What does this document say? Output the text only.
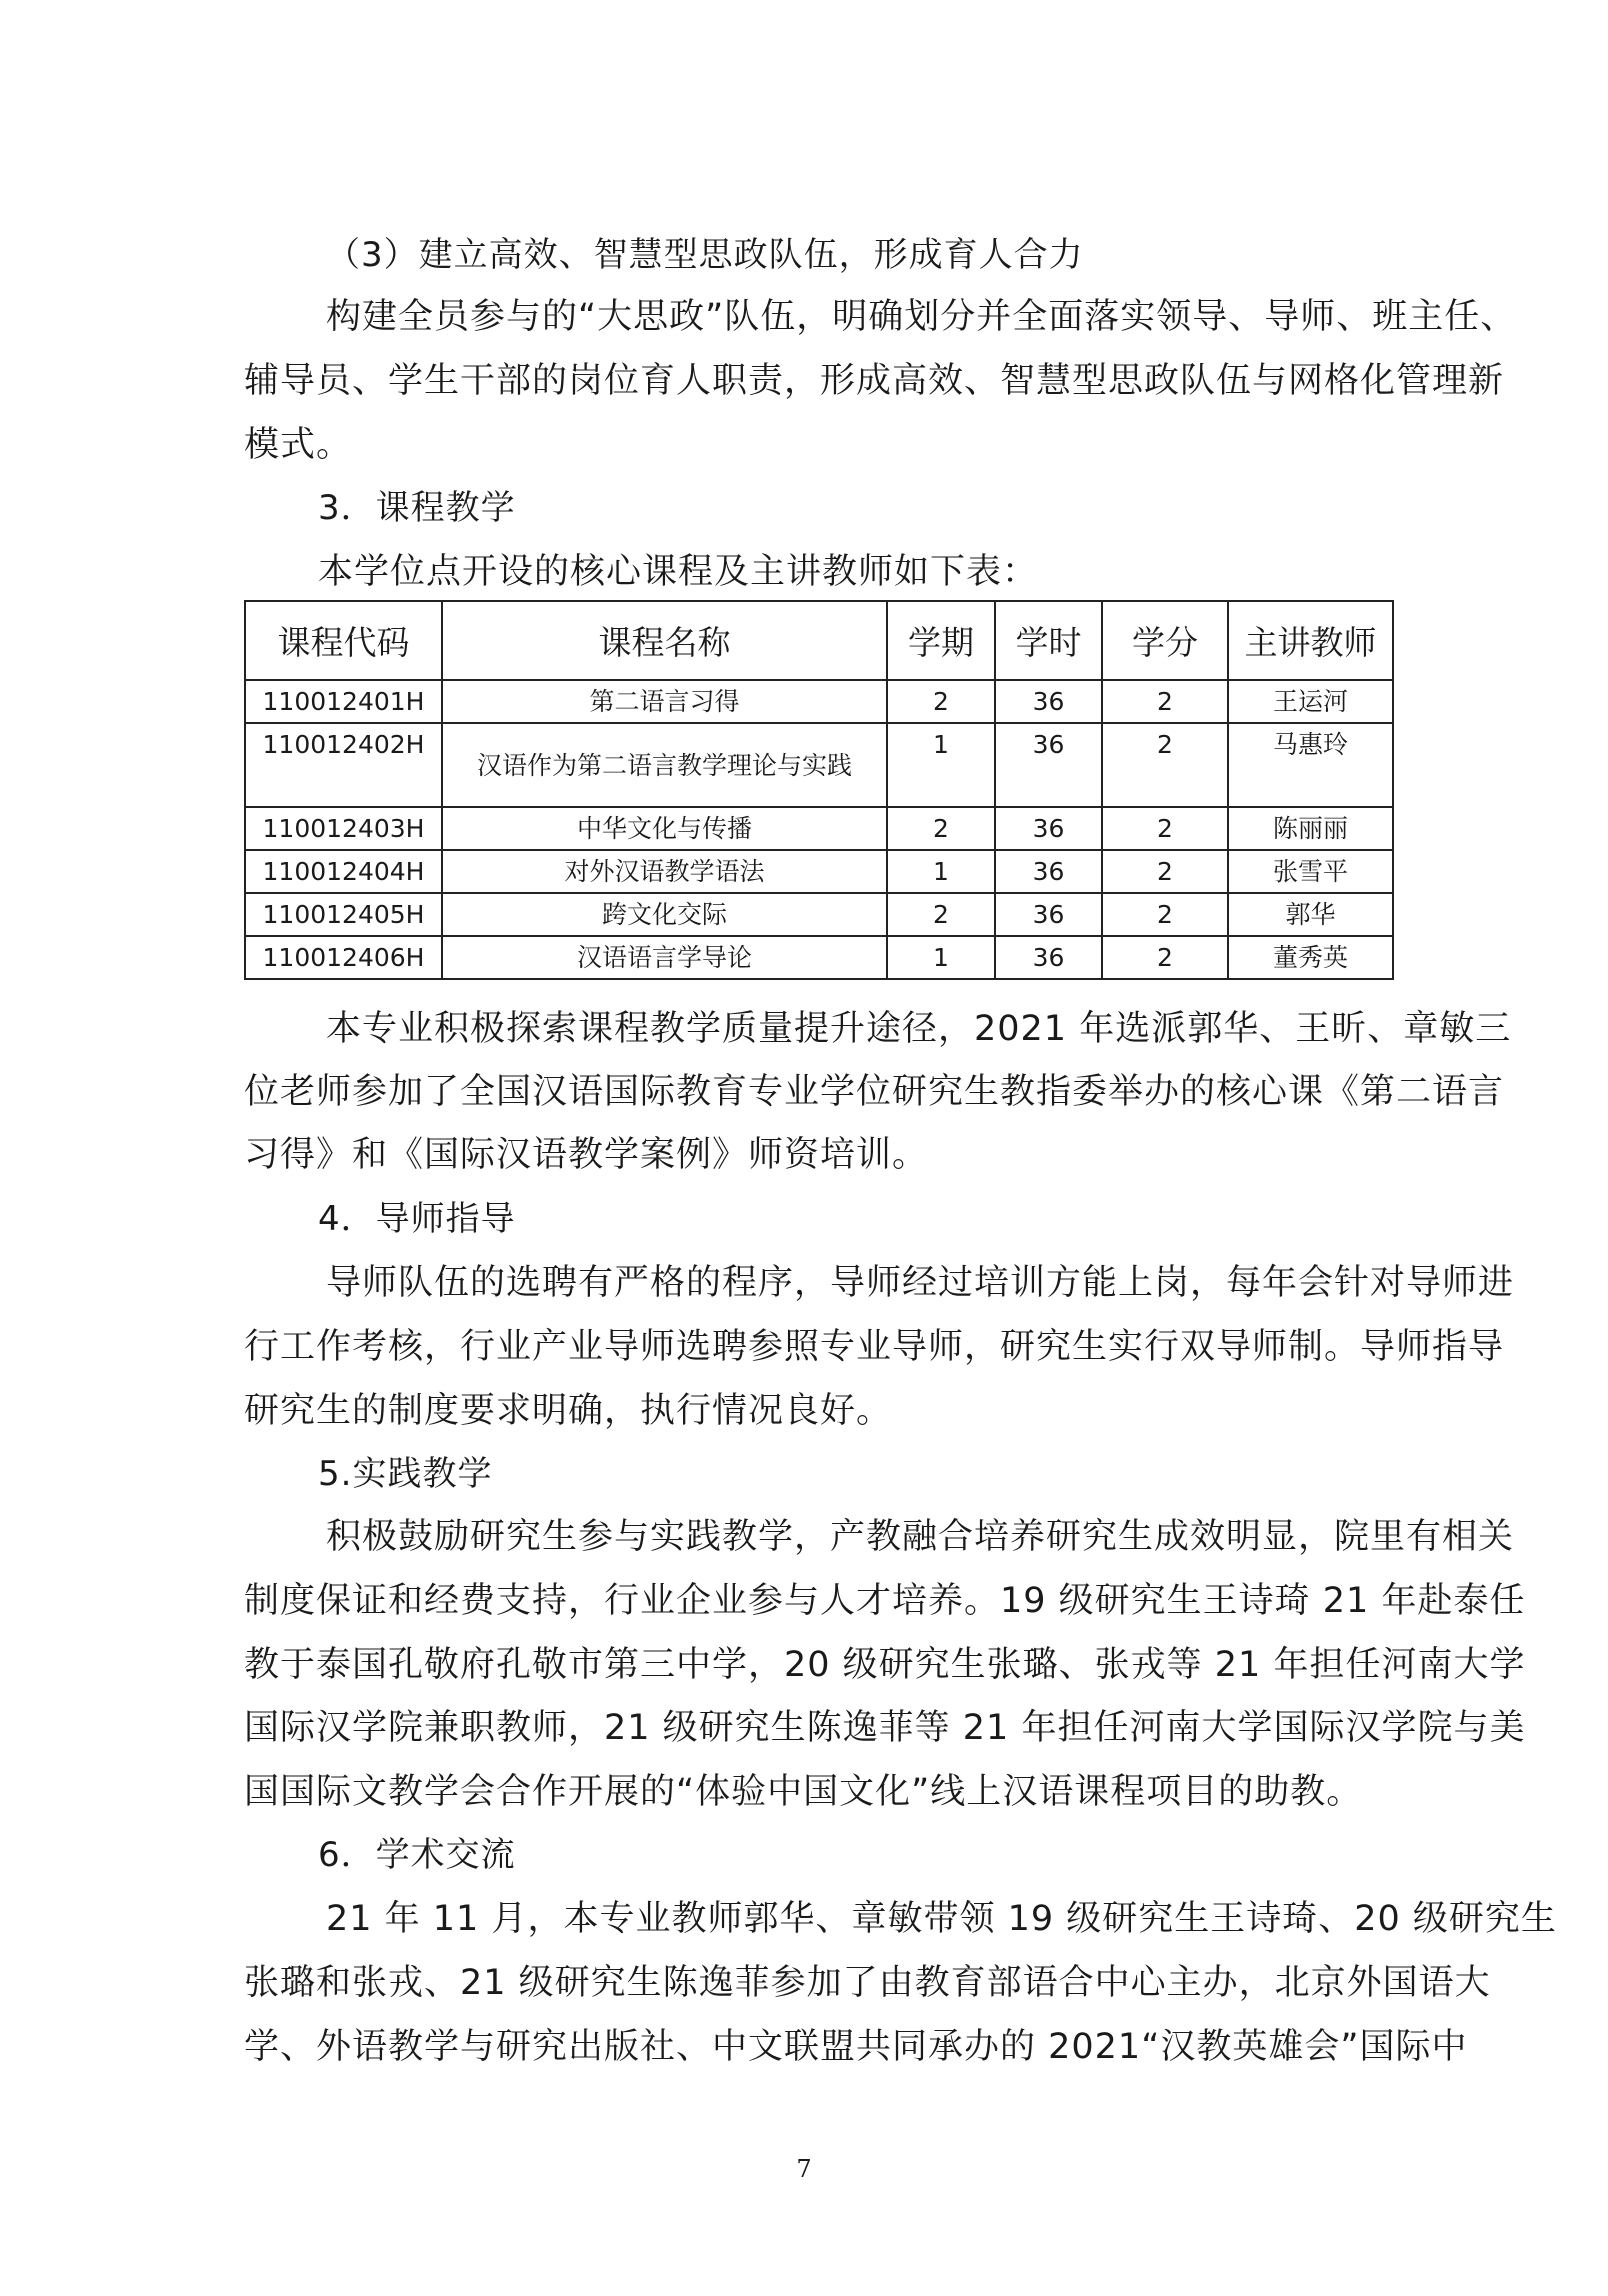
（3）建立高效、智慧型思政队伍，形成育人合力
构建全员参与的“大思政”队伍，明确划分并全面落实领导、导师、班主任、
辅导员、学生干部的岗位育人职责，形成高效、智慧型思政队伍与网格化管理新
模式。
3．课程教学
本学位点开设的核心课程及主讲教师如下表：
课程代码	课程名称	学期	学时	学分	主讲教师
110012401H	第二语言习得	2	36	2	王运河
110012402H	汉语作为第二语言教学理论与实践	1	36	2	马惠玲
110012403H	中华文化与传播	2	36	2	陈丽丽
110012404H	对外汉语教学语法	1	36	2	张雪平
110012405H	跨文化交际	2	36	2	郭华
110012406H	汉语语言学导论	1	36	2	董秀英
本专业积极探索课程教学质量提升途径，2021 年选派郭华、王昕、章敏三
位老师参加了全国汉语国际教育专业学位研究生教指委举办的核心课《第二语言
习得》和《国际汉语教学案例》师资培训。
4．导师指导
导师队伍的选聘有严格的程序，导师经过培训方能上岗，每年会针对导师进
行工作考核，行业产业导师选聘参照专业导师，研究生实行双导师制。导师指导
研究生的制度要求明确，执行情况良好。
5.实践教学
积极鼓励研究生参与实践教学，产教融合培养研究生成效明显，院里有相关
制度保证和经费支持，行业企业参与人才培养。19 级研究生王诗琦 21 年赴泰任
教于泰国孔敬府孔敬市第三中学，20 级研究生张璐、张戎等 21 年担任河南大学
国际汉学院兼职教师，21 级研究生陈逸菲等 21 年担任河南大学国际汉学院与美
国国际文教学会合作开展的“体验中国文化”线上汉语课程项目的助教。
6．学术交流
21 年 11 月，本专业教师郭华、章敏带领 19 级研究生王诗琦、20 级研究生
张璐和张戎、21 级研究生陈逸菲参加了由教育部语合中心主办，北京外国语大
学、外语教学与研究出版社、中文联盟共同承办的 2021“汉教英雄会”国际中
7
